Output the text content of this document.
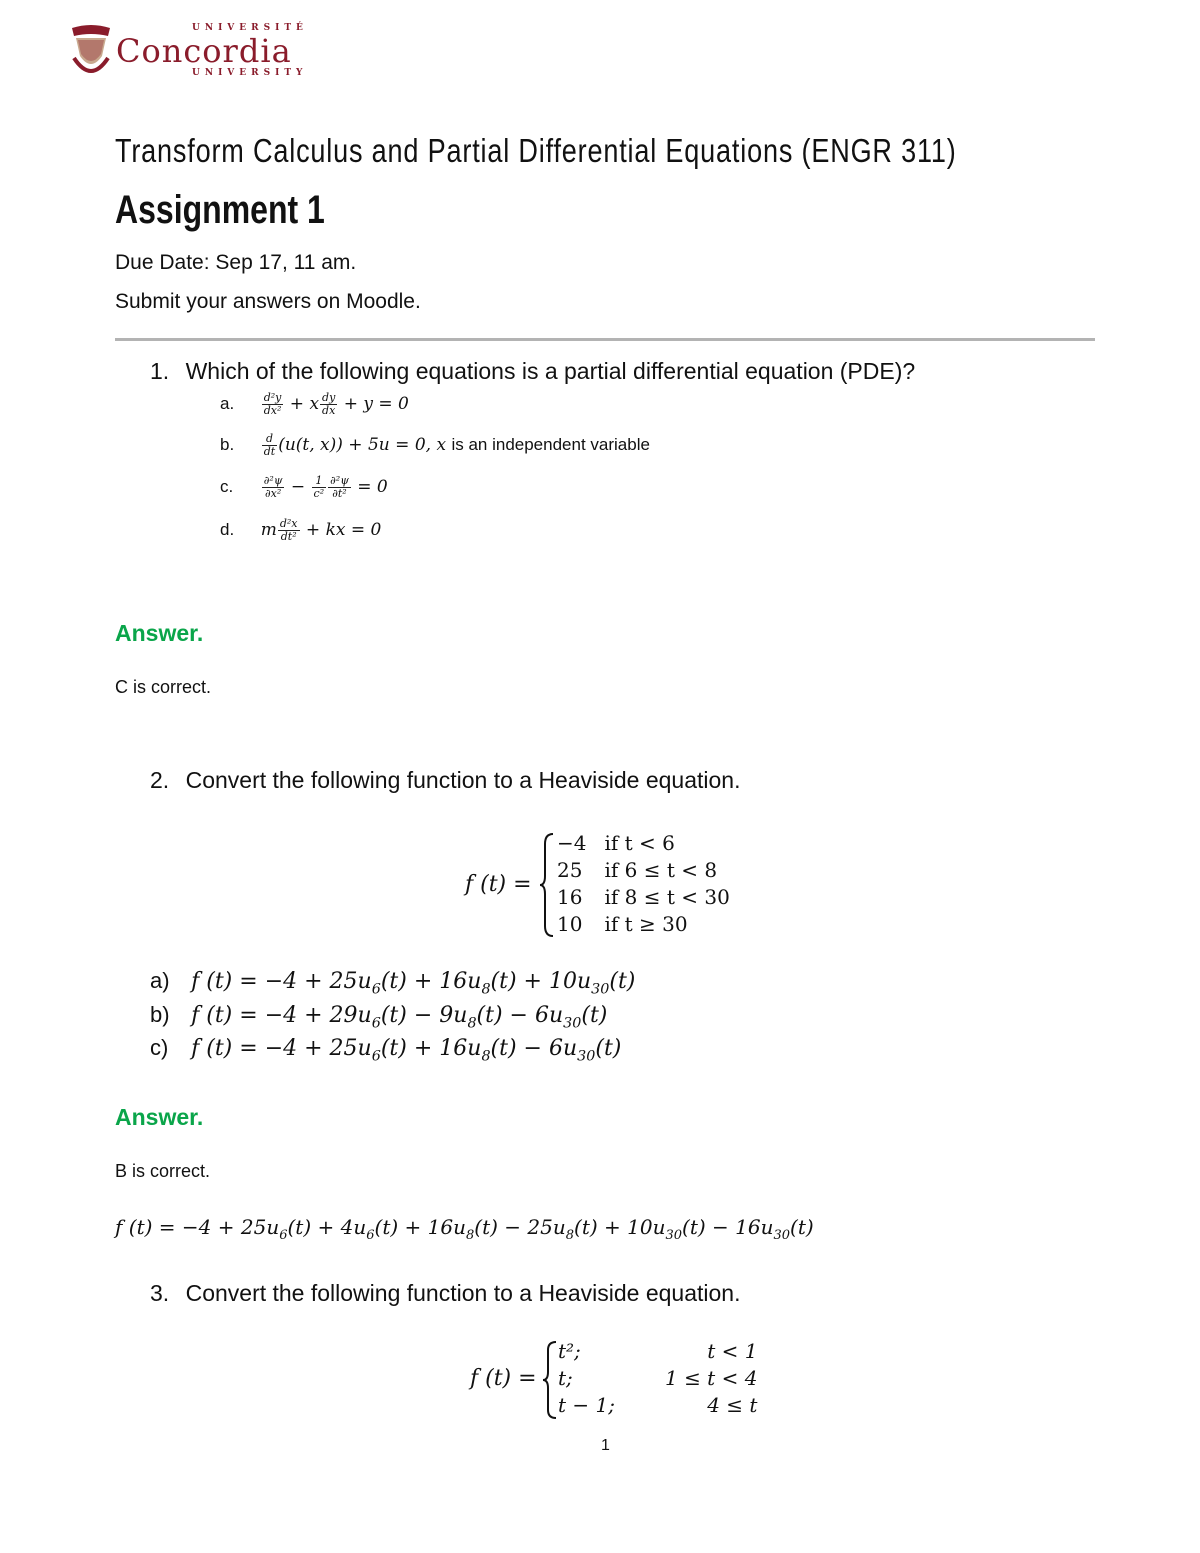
UNIVERSITÉ
Concordia
UNIVERSITY
Transform Calculus and Partial Differential Equations (ENGR 311)
Assignment 1
Due Date: Sep 17, 11 am.
Submit your answers on Moodle.
1. Which of the following equations is a partial differential equation (PDE)?
a.	$\frac{\text{d²y}}{\text{dx²}} + x \frac{dy}{dx} + y = 0$
b.	$\frac{d}{dt} (u(t$, x)) + 5u = 0, x is an independent variable
c.	$\frac{\text{∂²ψ}}{\text{∂x²}} - \frac{1}{\text{c²}} \frac{\text{∂²ψ}}{\text{∂t²}} = 0$
d. m $\frac{\text{d²x}}{\text{dt²}}$ + kx = 0
Answer.
C is correct.
2. Convert the following function to a Heaviside equation.
f (t) =
−4	if t < 6
25	if 6 ≤ t < 8
16	if 8 ≤ t < 30
10	if t ≥ 30
a) f $(t) = -4 + 25u_6(t) + 16u_8(t) + 10u_{30}(t)$
b) f $(t) = -4 + 29u_6(t) - 9u_8(t) - 6u_{30}(t)$
c) f $(t) = -4 + 25u_6(t) + 16u_8(t) - 6u_{30}(t)$
Answer.
B is correct.
f $(t) = -4 + 25u_6(t) + 4u_6(t) + 16u_8(t) - 25u_8(t) + 10u_{30}(t) - 16u_{30}(t)$
3. Convert the following function to a Heaviside equation.
f (t) =
t²;	t < 1
t;	1 ≤ t < 4
t − 1;	4 ≤ t
1
